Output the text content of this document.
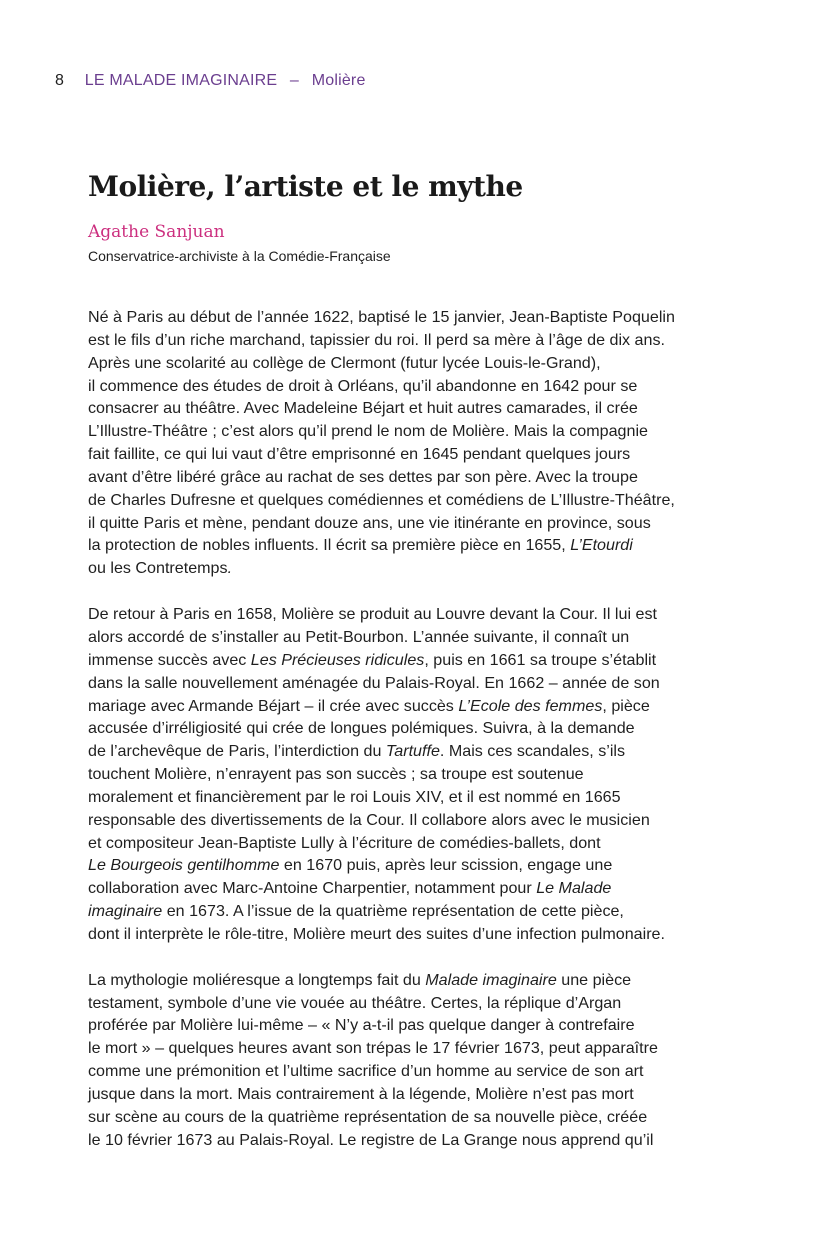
8 LE MALADE IMAGINAIRE – Molière
Molière, l’artiste et le mythe
Agathe Sanjuan
Conservatrice-archiviste à la Comédie-Française

Né à Paris au début de l’année 1622, baptisé le 15 janvier, Jean-Baptiste Poquelin
est le fils d’un riche marchand, tapissier du roi. Il perd sa mère à l’âge de dix ans.
Après une scolarité au collège de Clermont (futur lycée Louis-le-Grand),
il commence des études de droit à Orléans, qu’il abandonne en 1642 pour se
consacrer au théâtre. Avec Madeleine Béjart et huit autres camarades, il crée
L’Illustre-Théâtre ; c’est alors qu’il prend le nom de Molière. Mais la compagnie
fait faillite, ce qui lui vaut d’être emprisonné en 1645 pendant quelques jours
avant d’être libéré grâce au rachat de ses dettes par son père. Avec la troupe
de Charles Dufresne et quelques comédiennes et comédiens de L’Illustre-Théâtre,
il quitte Paris et mène, pendant douze ans, une vie itinérante en province, sous
la protection de nobles influents. Il écrit sa première pièce en 1655, L’Etourdi
ou les Contretemps.

De retour à Paris en 1658, Molière se produit au Louvre devant la Cour. Il lui est
alors accordé de s’installer au Petit-Bourbon. L’année suivante, il connaît un
immense succès avec Les Précieuses ridicules, puis en 1661 sa troupe s’établit
dans la salle nouvellement aménagée du Palais-Royal. En 1662 – année de son
mariage avec Armande Béjart – il crée avec succès L’Ecole des femmes, pièce
accusée d’irréligiosité qui crée de longues polémiques. Suivra, à la demande
de l’archevêque de Paris, l’interdiction du Tartuffe. Mais ces scandales, s’ils
touchent Molière, n’enrayent pas son succès ; sa troupe est soutenue
moralement et financièrement par le roi Louis XIV, et il est nommé en 1665
responsable des divertissements de la Cour. Il collabore alors avec le musicien
et compositeur Jean-Baptiste Lully à l’écriture de comédies-ballets, dont
Le Bourgeois gentilhomme en 1670 puis, après leur scission, engage une
collaboration avec Marc-Antoine Charpentier, notamment pour Le Malade
imaginaire en 1673. A l’issue de la quatrième représentation de cette pièce,
dont il interprète le rôle-titre, Molière meurt des suites d’une infection pulmonaire.

La mythologie moliéresque a longtemps fait du Malade imaginaire une pièce
testament, symbole d’une vie vouée au théâtre. Certes, la réplique d’Argan
proférée par Molière lui-même – « N’y a-t-il pas quelque danger à contrefaire
le mort » – quelques heures avant son trépas le 17 février 1673, peut apparaître
comme une prémonition et l’ultime sacrifice d’un homme au service de son art
jusque dans la mort. Mais contrairement à la légende, Molière n’est pas mort
sur scène au cours de la quatrième représentation de sa nouvelle pièce, créée
le 10 février 1673 au Palais-Royal. Le registre de La Grange nous apprend qu’il
